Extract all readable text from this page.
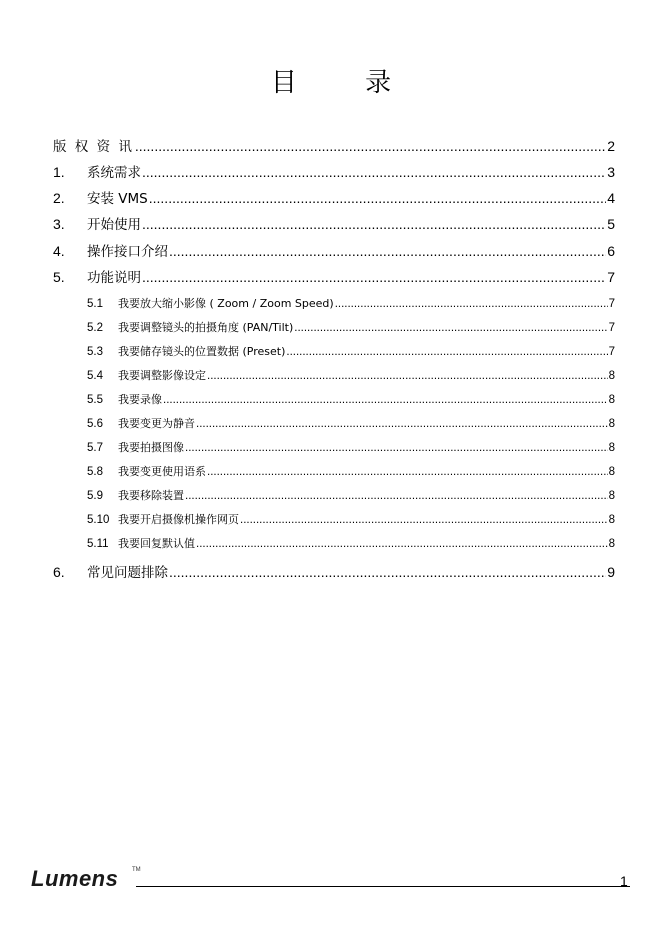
目 录
版 权 资 讯 .....	2
1.	系统需求 .....	3
2.	安装 VMS .....	4
3.	开始使用 .....	5
4.	操作接口介绍 .....	6
5.	功能说明 .....	7
5.1	我要放大缩小影像 ( Zoom / Zoom Speed) .....	7
5.2	我要调整镜头的拍摄角度 (PAN/Tilt) .....	7
5.3	我要储存镜头的位置数据 (Preset) .....	7
5.4	我要调整影像设定 .....	8
5.5	我要录像 .....	8
5.6	我要变更为静音 .....	8
5.7	我要拍摄图像 .....	8
5.8	我要变更使用语系 .....	8
5.9	我要移除装置 .....	8
5.10 我要开启摄像机操作网页 .....	8
5.11 我要回复默认值 .....	8
6.	常见问题排除 .....	9
Lumens TM
1
